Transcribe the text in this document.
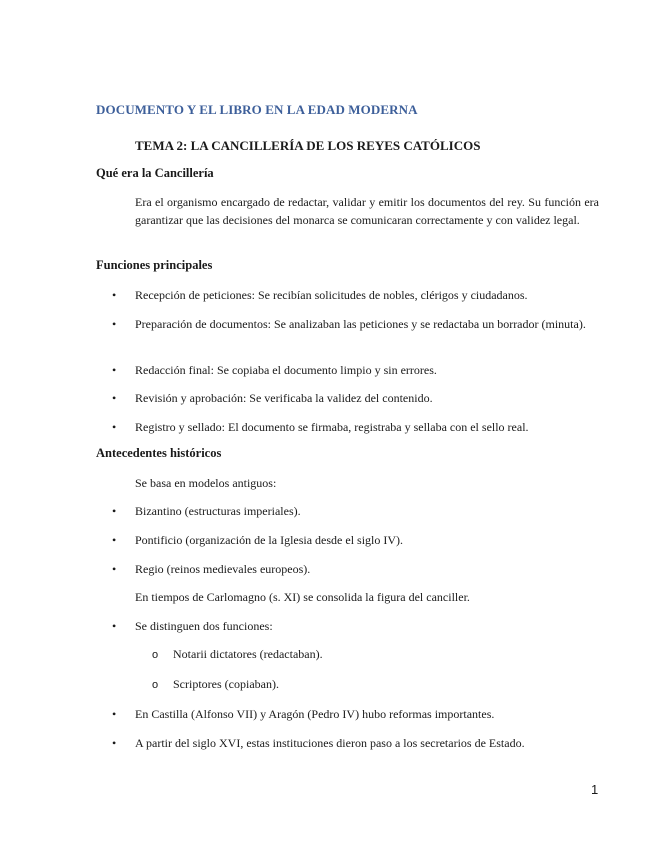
DOCUMENTO Y EL LIBRO EN LA EDAD MODERNA
TEMA 2: LA CANCILLERÍA DE LOS REYES CATÓLICOS
Qué era la Cancillería
Era el organismo encargado de redactar, validar y emitir los documentos del rey. Su función era garantizar que las decisiones del monarca se comunicaran correctamente y con validez legal.
Funciones principales
•	Recepción de peticiones: Se recibían solicitudes de nobles, clérigos y ciudadanos.
•	Preparación de documentos: Se analizaban las peticiones y se redactaba un borrador (minuta).
•	Redacción final: Se copiaba el documento limpio y sin errores.
•	Revisión y aprobación: Se verificaba la validez del contenido.
•	Registro y sellado: El documento se firmaba, registraba y sellaba con el sello real.
Antecedentes históricos
Se basa en modelos antiguos:
•	Bizantino (estructuras imperiales).
•	Pontificio (organización de la Iglesia desde el siglo IV).
•	Regio (reinos medievales europeos).
En tiempos de Carlomagno (s. XI) se consolida la figura del canciller.
•	Se distinguen dos funciones:
o Notarii dictatores (redactaban).
o Scriptores (copiaban).
•	En Castilla (Alfonso VII) y Aragón (Pedro IV) hubo reformas importantes.
•	A partir del siglo XVI, estas instituciones dieron paso a los secretarios de Estado.
1
